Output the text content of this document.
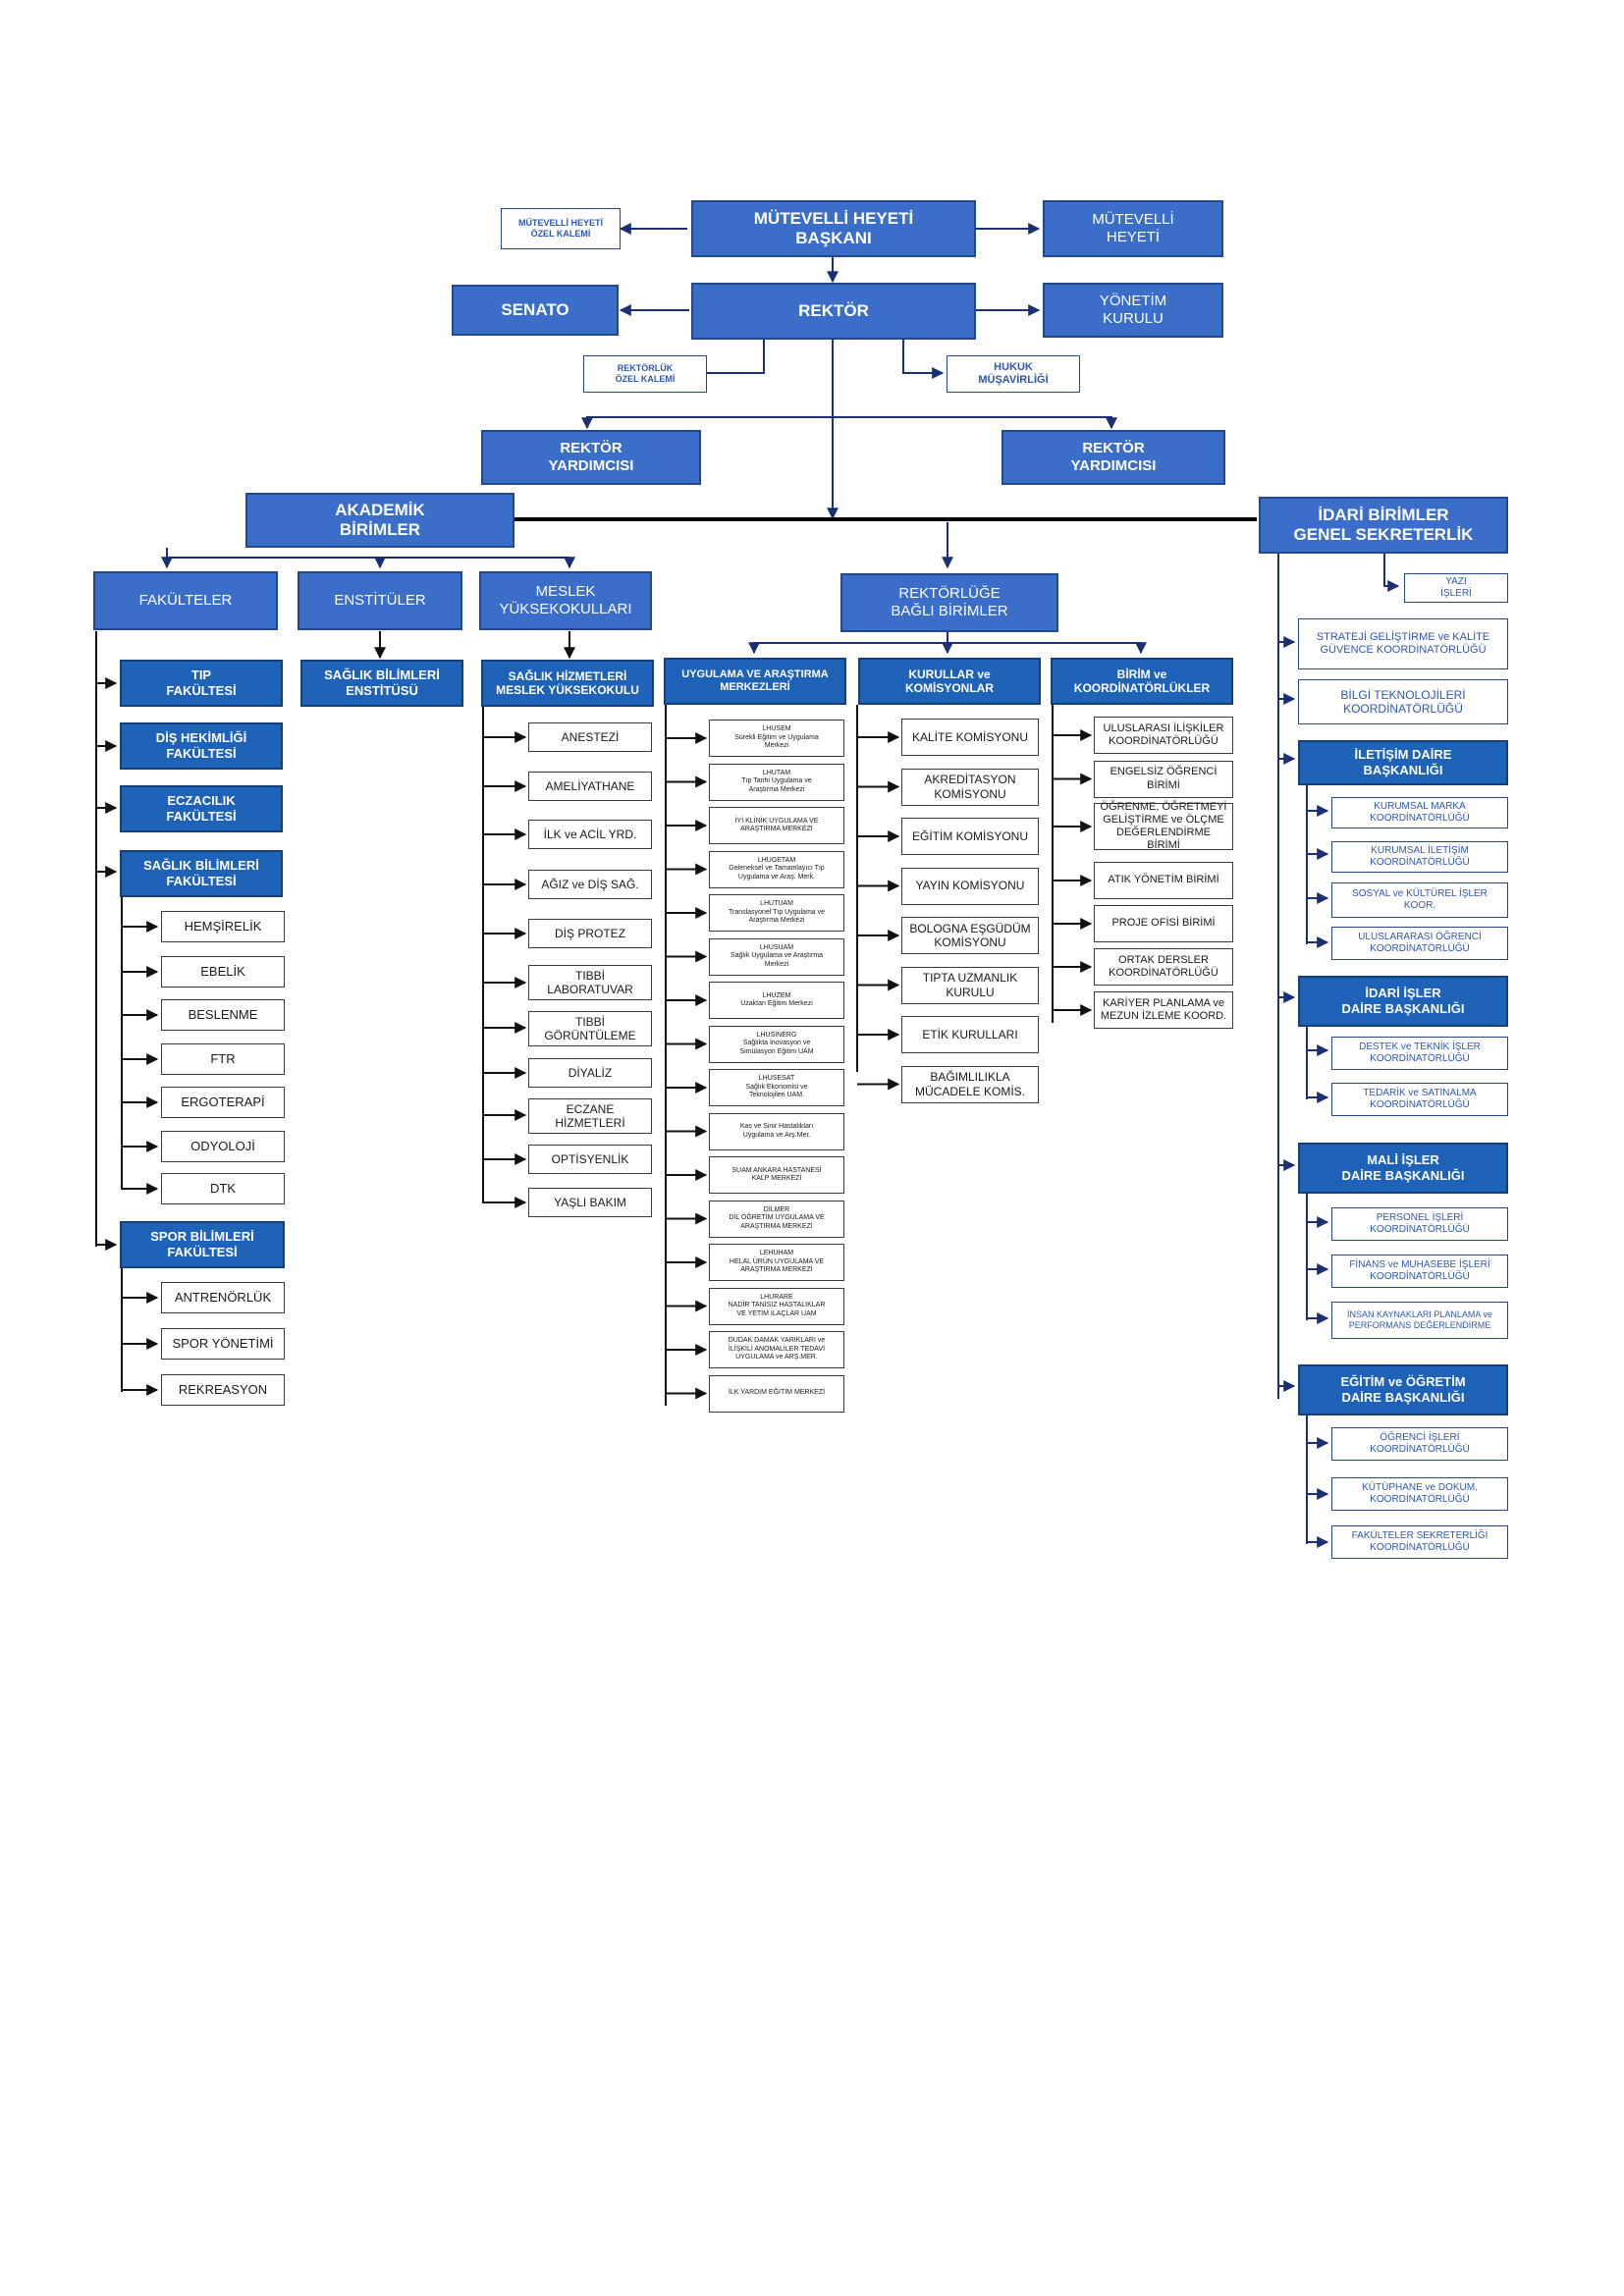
MÜTEVELLİ HEYETİ
ÖZEL KALEMİ
MÜTEVELLİ HEYETİ
BAŞKANI
MÜTEVELLİ
HEYETİ
SENATO	REKTÖR
YÖNETİM
KURULU
REKTÖRLÜK
ÖZEL KALEMİ
HUKUK
MÜŞAVİRLİĞİ
REKTÖR
YARDIMCISI
REKTÖR
YARDIMCISI
AKADEMİK
BİRİMLER
FAKÜLTELER	ENSTİTÜLER
MESLEK
YÜKSEKOKULLARI
TIP
FAKÜLTESİ
DİŞ HEKİMLİĞİ
FAKÜLTESİ
ECZACILIK
FAKÜLTESİ
SAĞLIK BİLİMLERİ
FAKÜLTESİ
HEMŞİRELİK
EBELİK
BESLENME
FTR
ERGOTERAPİ
ODYOLOJİ
DTK
SPOR BİLİMLERİ
FAKÜLTESİ
ANTRENÖRLÜK
SPOR YÖNETİMİ
REKREASYON
SAĞLIK BİLİMLERİ
ENSTİTÜSÜ
SAĞLIK HİZMETLERİ
MESLEK YÜKSEKOKULU
ANESTEZİ
AMELİYATHANE
İLK ve ACİL YRD.
AĞIZ ve DİŞ SAĞ.
DİŞ PROTEZ
TIBBİ
LABORATUVAR
TIBBİ
GÖRÜNTÜLEME
DİYALİZ
ECZANE
HİZMETLERİ
OPTİSYENLİK
YAŞLI BAKIM
REKTÖRLÜĞE
BAĞLI BİRİMLER
UYGULAMA VE ARAŞTIRMA
MERKEZLERİ
KURULLAR ve
KOMİSYONLAR
BİRİM ve
KOORDİNATÖRLÜKLER
LHUSEM
Sürekli Eğitim ve Uygulama
Merkezi
LHUTAM
Tıp Tarihi Uygulama ve
Araştırma Merkezi
İYİ KLİNİK UYGULAMA VE
ARAŞTIRMA MERKEZİ
LHUGETAM
Geleneksel ve Tamamlayıcı Tıp
Uygulama ve Araş. Merk.
LHUTUAM
Translasyonel Tıp Uygulama ve
Araştırma Merkezi
LHUSUAM
Sağlık Uygulama ve Araştırma
Merkezi
LHUZEM
Uzaktan Eğitim Merkezi
LHUSİNERG
Sağlıkta İnovasyon ve
Simülasyon Eğitim UAM
LHUSESAT
Sağlık Ekonomisi ve
Teknolojileri UAM.
Kas ve Sinir Hastalıkları
Uygulama ve Arş.Mer.
SUAM ANKARA HASTANESİ
KALP MERKEZİ
DİLMER
DİL ÖĞRETİM UYGULAMA VE
ARAŞTIRMA MERKEZİ
LEHUHAM
HELAL ÜRÜN UYGULAMA VE
ARAŞTIRMA MERKEZİ
LHURARE
NADİR TANISIZ HASTALIKLAR
VE YETİM İLAÇLAR UAM
DUDAK DAMAK YARIKLARI ve
İLİŞKİLİ ANOMALİLER TEDAVİ
UYGULAMA ve ARŞ.MER.
İLK YARDIM EĞİTİM MERKEZİ
KALİTE KOMİSYONU
AKREDİTASYON
KOMİSYONU
EĞİTİM KOMİSYONU
YAYIN KOMİSYONU
BOLOGNA EŞGÜDÜM
KOMİSYONU
TIPTA UZMANLIK
KURULU
ETİK KURULLARI
BAĞIMLILIKLA
MÜCADELE KOMİS.
ULUSLARASI İLİŞKİLER
KOORDİNATÖRLÜĞÜ
ENGELSİZ ÖĞRENCİ
BİRİMİ
ÖĞRENME, ÖĞRETMEYİ
GELİŞTİRME ve ÖLÇME
DEĞERLENDİRME BİRİMİ
ATIK YÖNETİM BİRİMİ
PROJE OFİSİ BİRİMİ
ORTAK DERSLER
KOORDİNATÖRLÜĞÜ
KARİYER PLANLAMA ve
MEZUN İZLEME KOORD.
İDARİ BİRİMLER
GENEL SEKRETERLİK
YAZI
İŞLERİ
STRATEJİ GELİŞTİRME ve KALİTE
GÜVENCE KOORDİNATÖRLÜĞÜ
BİLGİ TEKNOLOJİLERİ
KOORDİNATÖRLÜĞÜ
İLETİŞİM DAİRE
BAŞKANLIĞI
KURUMSAL MARKA
KOORDİNATÖRLÜĞÜ
KURUMSAL İLETİŞİM
KOORDİNATÖRLÜĞÜ
SOSYAL ve KÜLTÜREL İŞLER
KOOR.
ULUSLARARASI ÖĞRENCİ
KOORDİNATÖRLÜĞÜ
İDARİ İŞLER
DAİRE BAŞKANLIĞI
DESTEK ve TEKNİK İŞLER
KOORDİNATÖRLÜĞÜ
TEDARİK ve SATINALMA
KOORDİNATÖRLÜĞÜ
MALİ İŞLER
DAİRE BAŞKANLIĞI
PERSONEL İŞLERİ
KOORDİNATÖRLÜĞÜ
FİNANS ve MUHASEBE İŞLERİ
KOORDİNATÖRLÜĞÜ
İNSAN KAYNAKLARI PLANLAMA ve
PERFORMANS DEĞERLENDİRME
EĞİTİM ve ÖĞRETİM
DAİRE BAŞKANLIĞI
ÖĞRENCİ İŞLERİ
KOORDİNATÖRLÜĞÜ
KÜTÜPHANE ve DOKUM.
KOORDİNATÖRLÜĞÜ
FAKÜLTELER SEKRETERLİĞİ
KOORDİNATÖRLÜĞÜ
